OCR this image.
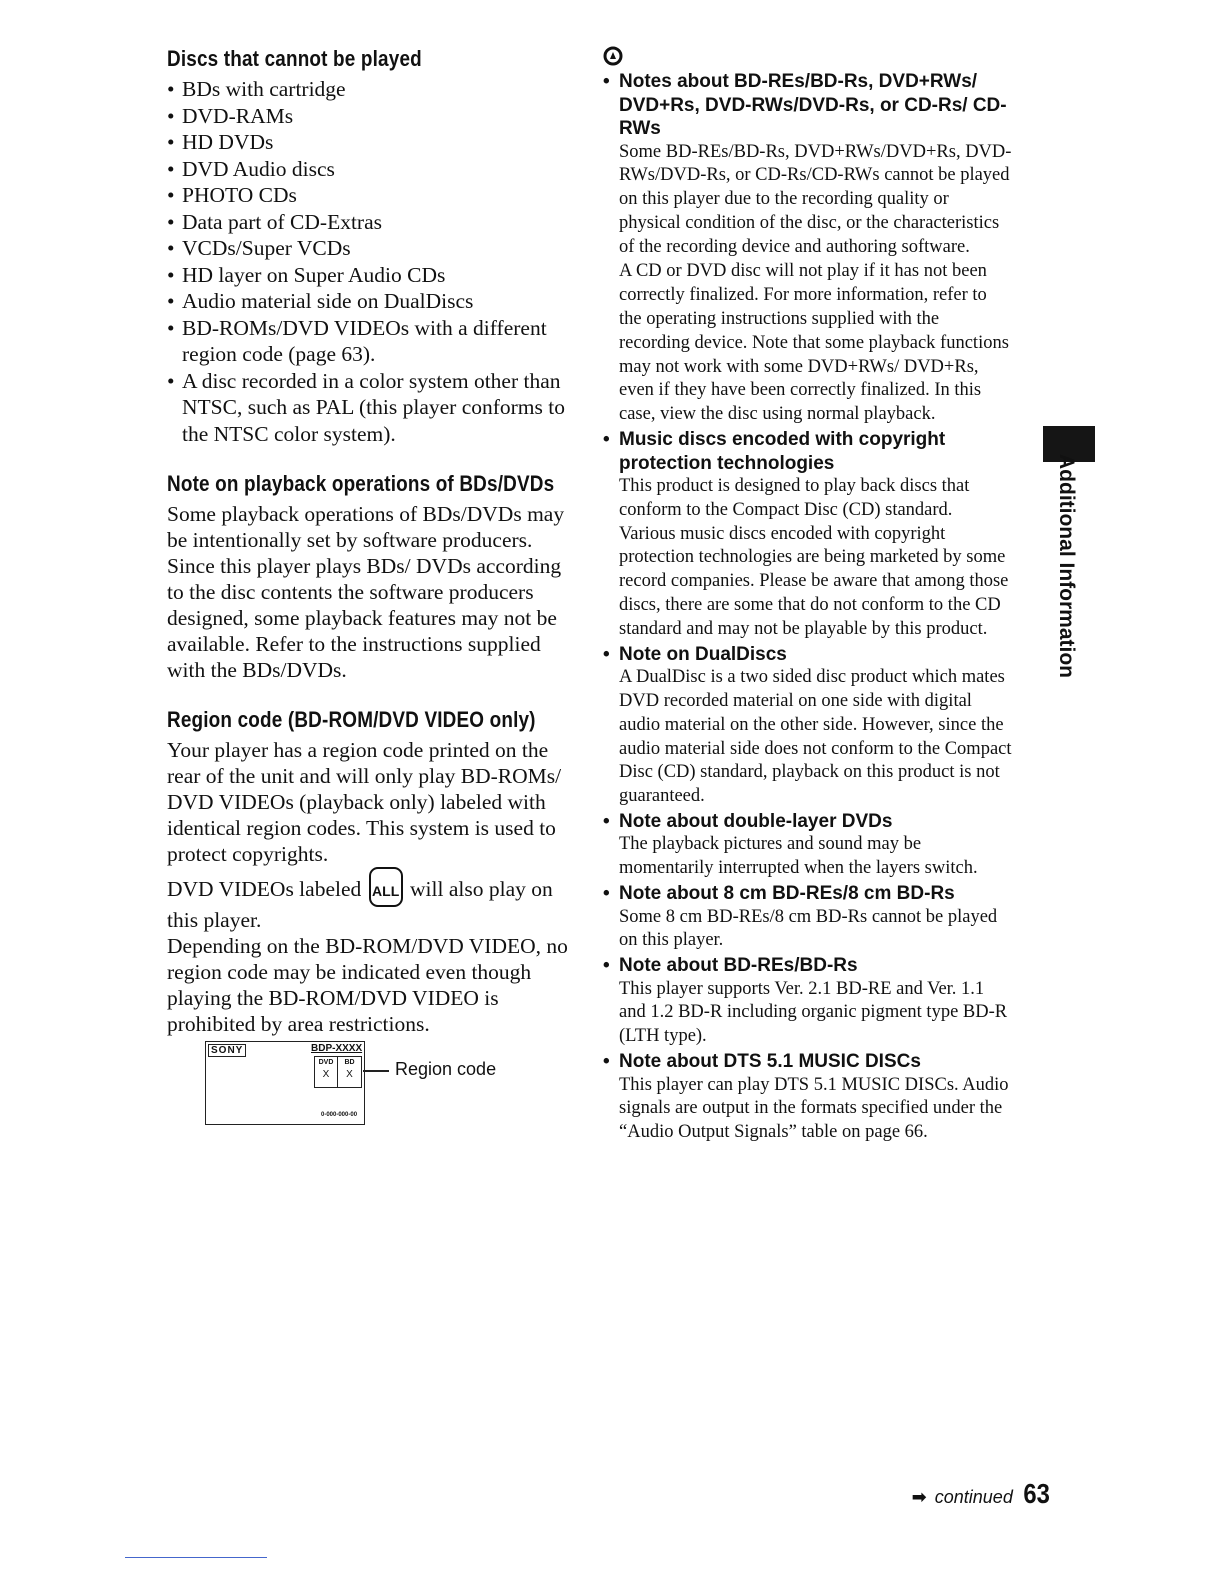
Discs that cannot be played
• BDs with cartridge
• DVD-RAMs
• HD DVDs
• DVD Audio discs
• PHOTO CDs
• Data part of CD-Extras
• VCDs/Super VCDs
• HD layer on Super Audio CDs
• Audio material side on DualDiscs
• BD-ROMs/DVD VIDEOs with a different region code (page 63).
• A disc recorded in a color system other than NTSC, such as PAL (this player conforms to the NTSC color system).
Note on playback operations of BDs/DVDs

Some playback operations of BDs/DVDs may be intentionally set by software producers. Since this player plays BDs/ DVDs according to the disc contents the software producers designed, some playback features may not be available. Refer to the instructions supplied with the BDs/DVDs.

Region code (BD-ROM/DVD VIDEO only)

Your player has a region code printed on the rear of the unit and will only play BD-ROMs/ DVD VIDEOs (playback only) labeled with identical region codes. This system is used to protect copyrights.

DVD VIDEOs labeled ALL will also play on this player.

Depending on the BD-ROM/DVD VIDEO, no region code may be indicated even though playing the BD-ROM/DVD VIDEO is prohibited by area restrictions.

SONY	BDP-XXXX
DVD
X
BD
X
0-000-000-00
Region code

• Notes about BD-REs/BD-Rs, DVD+RWs/ DVD+Rs, DVD-RWs/DVD-Rs, or CD-Rs/ CD-RWs

Some BD-REs/BD-Rs, DVD+RWs/DVD+Rs, DVD-RWs/DVD-Rs, or CD-Rs/CD-RWs cannot be played on this player due to the recording quality or physical condition of the disc, or the characteristics of the recording device and authoring software.

A CD or DVD disc will not play if it has not been correctly finalized. For more information, refer to the operating instructions supplied with the recording device. Note that some playback functions may not work with some DVD+RWs/ DVD+Rs, even if they have been correctly finalized. In this case, view the disc using normal playback.

• Music discs encoded with copyright protection technologies

This product is designed to play back discs that conform to the Compact Disc (CD) standard. Various music discs encoded with copyright protection technologies are being marketed by some record companies. Please be aware that among those discs, there are some that do not conform to the CD standard and may not be playable by this product.

• Note on DualDiscs

A DualDisc is a two sided disc product which mates DVD recorded material on one side with digital audio material on the other side. However, since the audio material side does not conform to the Compact Disc (CD) standard, playback on this product is not guaranteed.

• Note about double-layer DVDs

The playback pictures and sound may be momentarily interrupted when the layers switch.

• Note about 8 cm BD-REs/8 cm BD-Rs

Some 8 cm BD-REs/8 cm BD-Rs cannot be played on this player.

• Note about BD-REs/BD-Rs

This player supports Ver. 2.1 BD-RE and Ver. 1.1 and 1.2 BD-R including organic pigment type BD-R (LTH type).

• Note about DTS 5.1 MUSIC DISCs

This player can play DTS 5.1 MUSIC DISCs. Audio signals are output in the formats specified under the “Audio Output Signals” table on page 66.

Additional Information
➡ continued 63
